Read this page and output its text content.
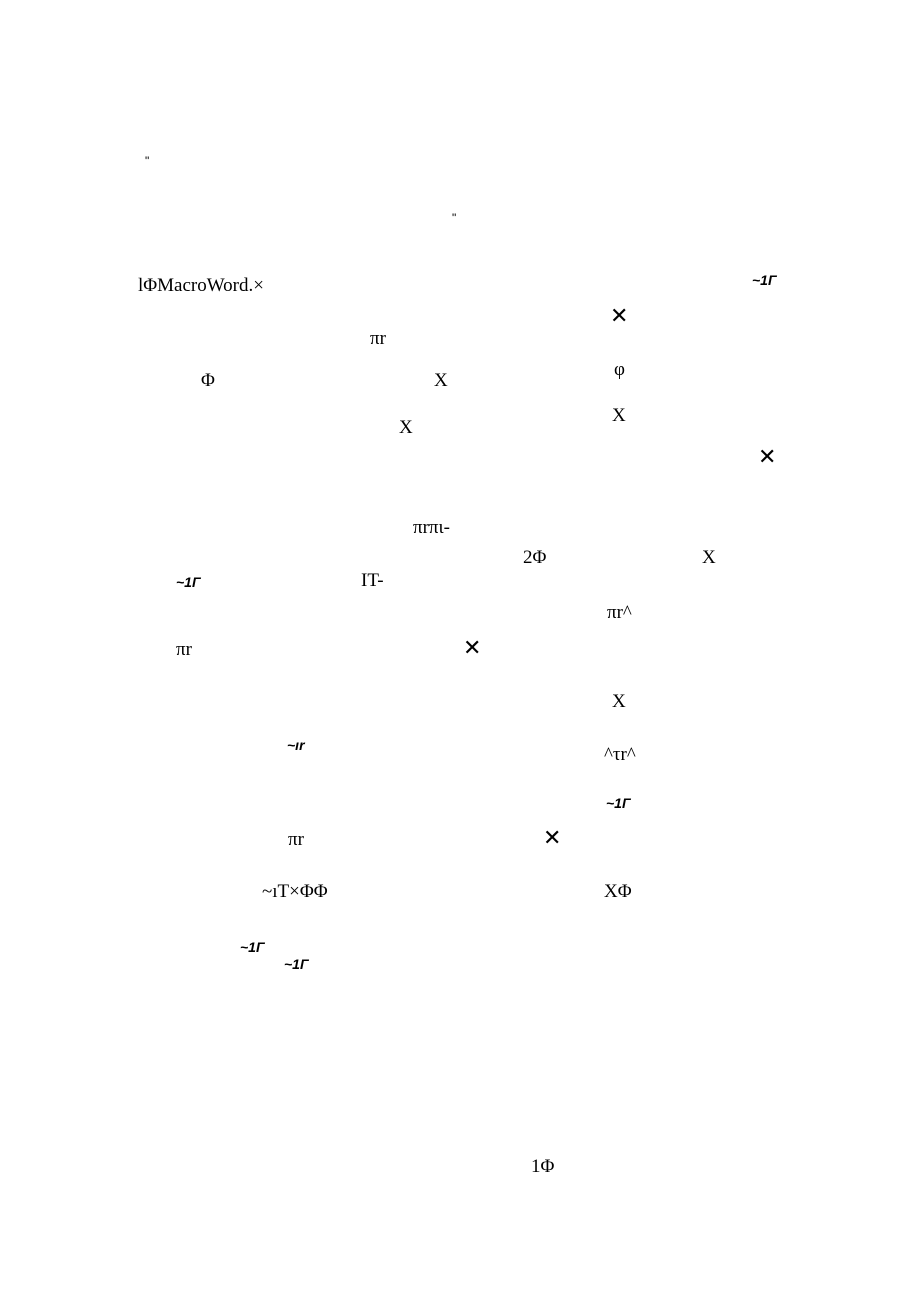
"
"
lΦMacroWord.×	~1Γ
✕
πr
Φ	X
φ
X
X
✕
πrπι-
2Φ	X
~1Γ	IT-
πr^
πr	✕
X
~ır	^τr^
~1Γ
πr	✕
~ıT×ΦΦ	XΦ
~1Γ
~1Γ
1Φ
